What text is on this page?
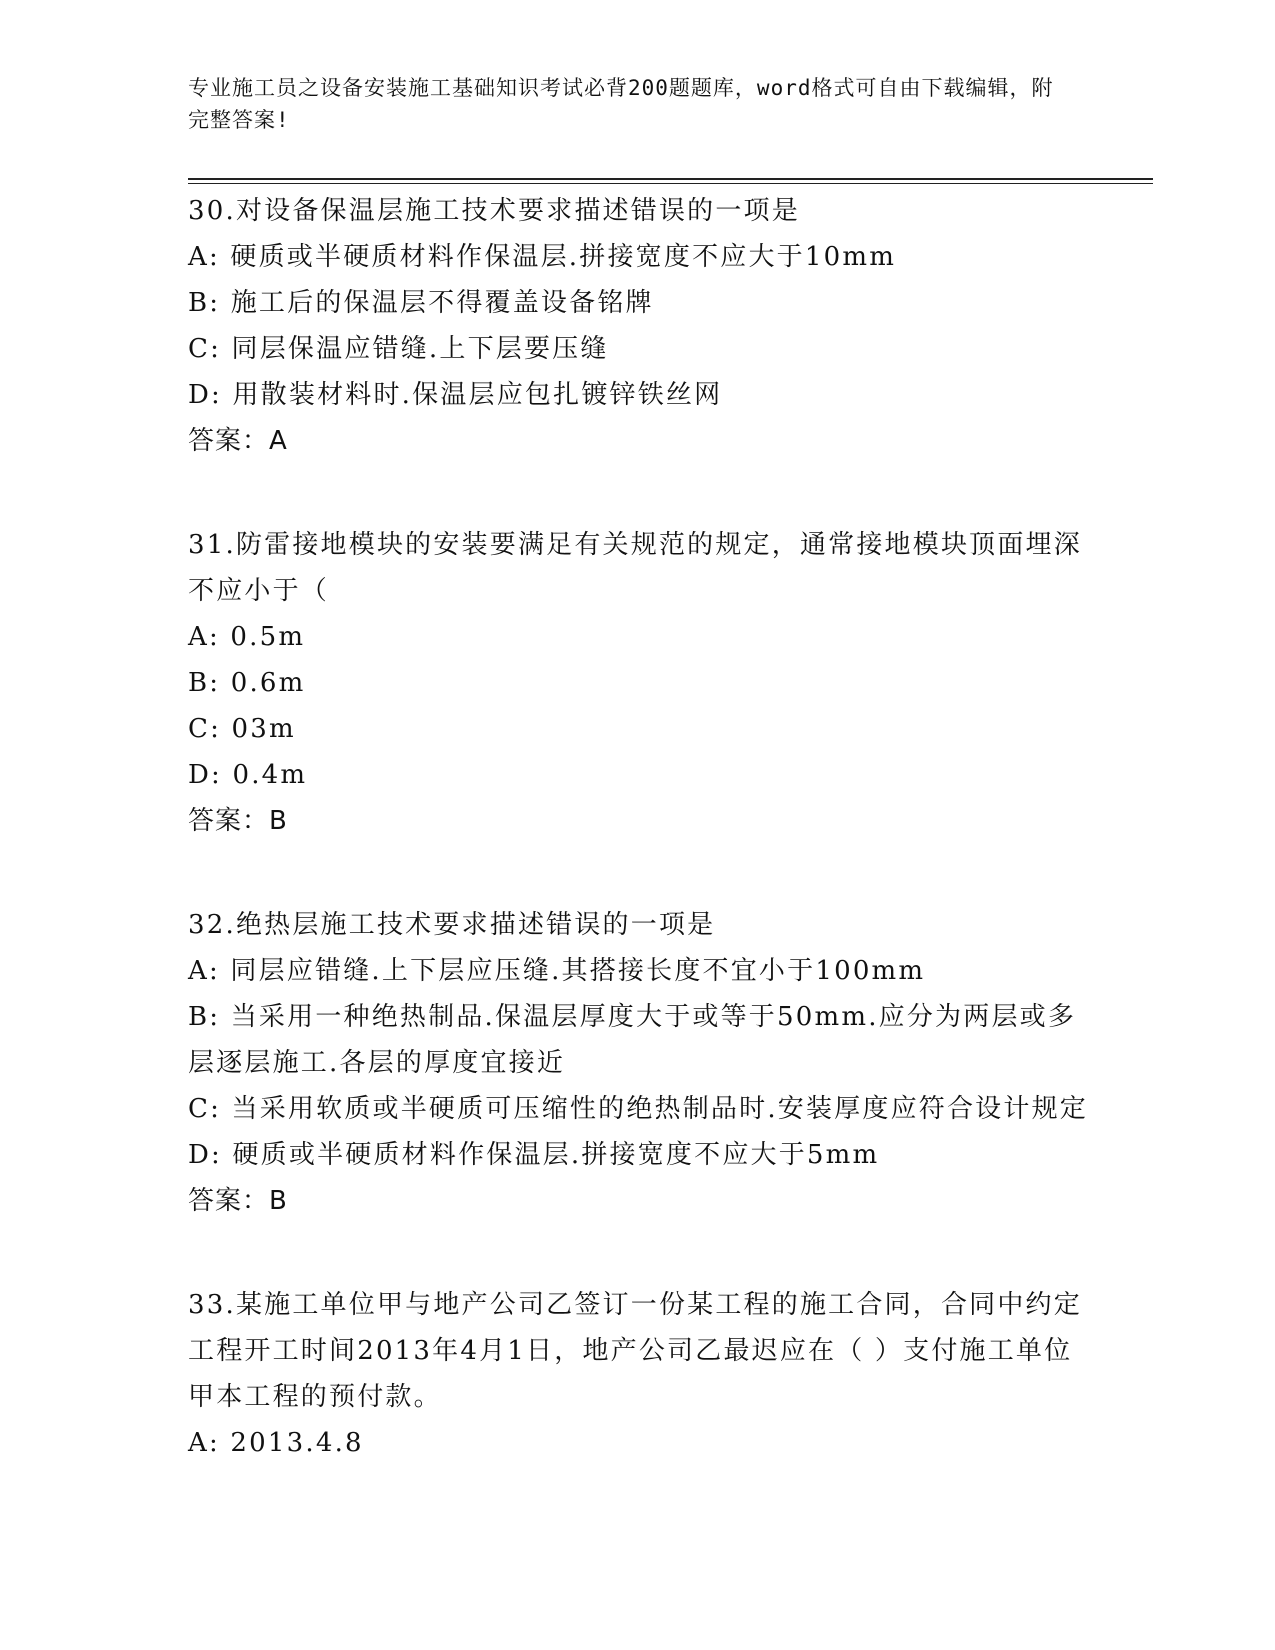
专业施工员之设备安装施工基础知识考试必背200题题库，word格式可自由下载编辑，附完整答案!

30.对设备保温层施工技术要求描述错误的一项是

A: 硬质或半硬质材料作保温层.拼接宽度不应大于10mm

B: 施工后的保温层不得覆盖设备铭牌

C: 同层保温应错缝.上下层要压缝

D: 用散装材料时.保温层应包扎镀锌铁丝网

答案：A

31.防雷接地模块的安装要满足有关规范的规定，通常接地模块顶面埋深不应小于（

A: 0.5m

B: 0.6m

C: 03m

D: 0.4m

答案：B

32.绝热层施工技术要求描述错误的一项是

A: 同层应错缝.上下层应压缝.其搭接长度不宜小于100mm

B: 当采用一种绝热制品.保温层厚度大于或等于50mm.应分为两层或多层逐层施工.各层的厚度宜接近

C: 当采用软质或半硬质可压缩性的绝热制品时.安装厚度应符合设计规定

D: 硬质或半硬质材料作保温层.拼接宽度不应大于5mm

答案：B

33.某施工单位甲与地产公司乙签订一份某工程的施工合同，合同中约定工程开工时间2013年4月1日，地产公司乙最迟应在（ ）支付施工单位甲本工程的预付款。

A: 2013.4.8
